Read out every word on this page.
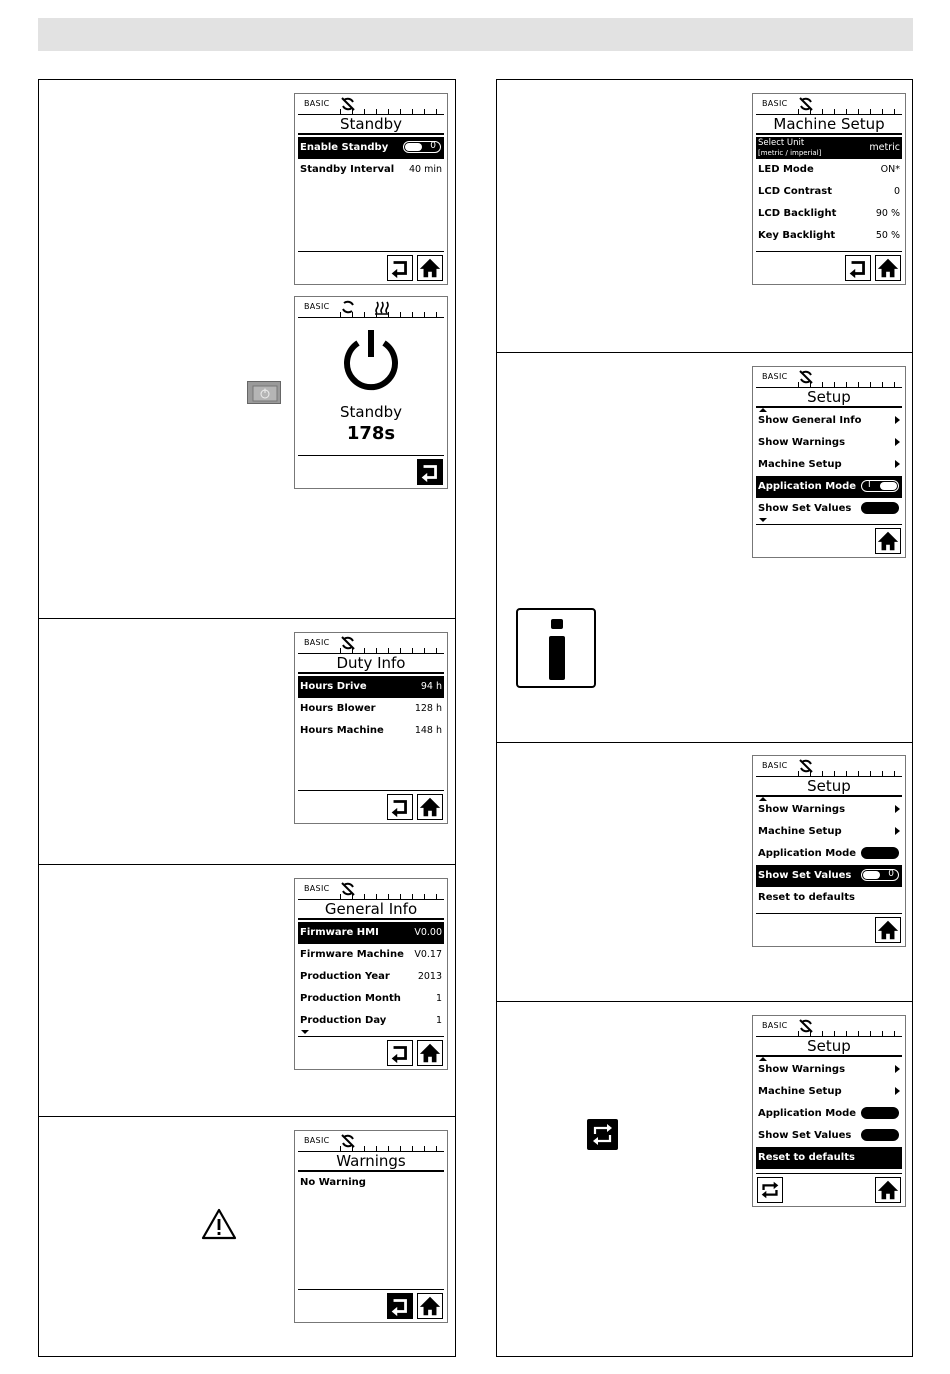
BASIC
Standby
Enable Standby	0
Standby Interval 40 min
BASIC
Standby
178s
BASIC
Duty Info
Hours Drive	94 h
Hours Blower	128 h
Hours Machine	148 h
BASIC
General Info
Firmware HMI	V0.00
Firmware Machine V0.17
Production Year	2013
Production Month	1
Production Day	1
BASIC
Warnings
No Warning
BASIC
Machine Setup
Select Unit
[metric / imperial]	metric
LED Mode	ON*
LCD Contrast	0
LCD Backlight	90 %
Key Backlight	50 %
BASIC
Setup
Show General Info
Show Warnings
Machine Setup
Application Mode I
Show Set Values	0
BASIC
Setup
Show Warnings
Machine Setup
Application Mode	0
Show Set Values	0
Reset to defaults
BASIC
Setup
Show Warnings
Machine Setup
Application Mode	0
Show Set Values	0
Reset to defaults
